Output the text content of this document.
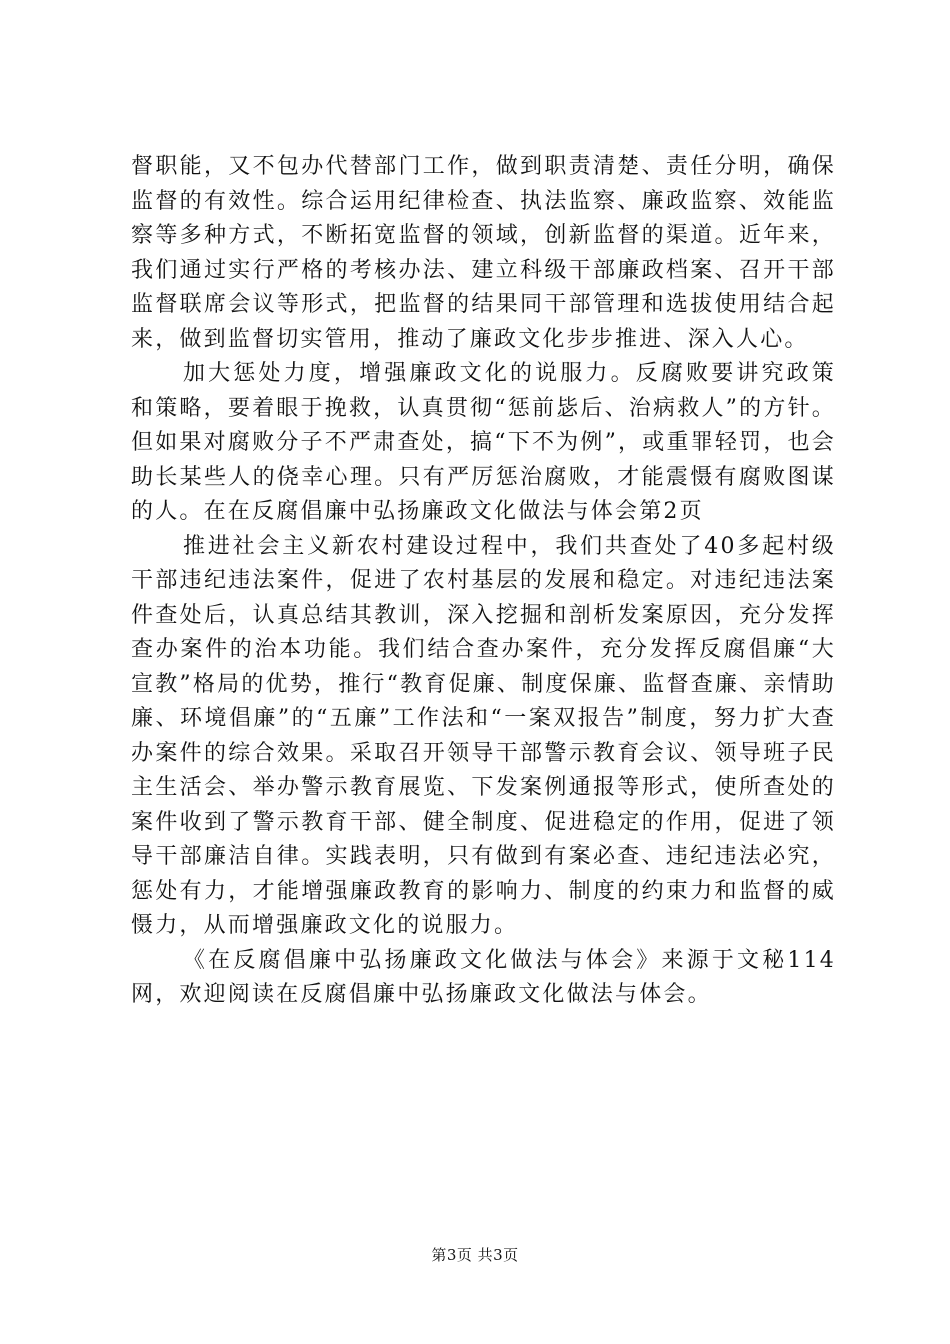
督职能，又不包办代替部门工作，做到职责清楚、责任分明，确保监督的有效性。综合运用纪律检查、执法监察、廉政监察、效能监察等多种方式，不断拓宽监督的领域，创新监督的渠道。近年来，我们通过实行严格的考核办法、建立科级干部廉政档案、召开干部监督联席会议等形式，把监督的结果同干部管理和选拔使用结合起来，做到监督切实管用，推动了廉政文化步步推进、深入人心。

加大惩处力度，增强廉政文化的说服力。反腐败要讲究政策和策略，要着眼于挽救，认真贯彻“惩前毖后、治病救人”的方针。但如果对腐败分子不严肃查处，搞“下不为例”，或重罪轻罚，也会助长某些人的侥幸心理。只有严厉惩治腐败，才能震慑有腐败图谋的人。在在反腐倡廉中弘扬廉政文化做法与体会第2页

推进社会主义新农村建设过程中，我们共查处了40多起村级干部违纪违法案件，促进了农村基层的发展和稳定。对违纪违法案件查处后，认真总结其教训，深入挖掘和剖析发案原因，充分发挥查办案件的治本功能。我们结合查办案件，充分发挥反腐倡廉“大宣教”格局的优势，推行“教育促廉、制度保廉、监督查廉、亲情助廉、环境倡廉”的“五廉”工作法和“一案双报告”制度，努力扩大查办案件的综合效果。采取召开领导干部警示教育会议、领导班子民主生活会、举办警示教育展览、下发案例通报等形式，使所查处的案件收到了警示教育干部、健全制度、促进稳定的作用，促进了领导干部廉洁自律。实践表明，只有做到有案必查、违纪违法必究，惩处有力，才能增强廉政教育的影响力、制度的约束力和监督的威慑力，从而增强廉政文化的说服力。

《在反腐倡廉中弘扬廉政文化做法与体会》来源于文秘114网，欢迎阅读在反腐倡廉中弘扬廉政文化做法与体会。

第3页 共3页
